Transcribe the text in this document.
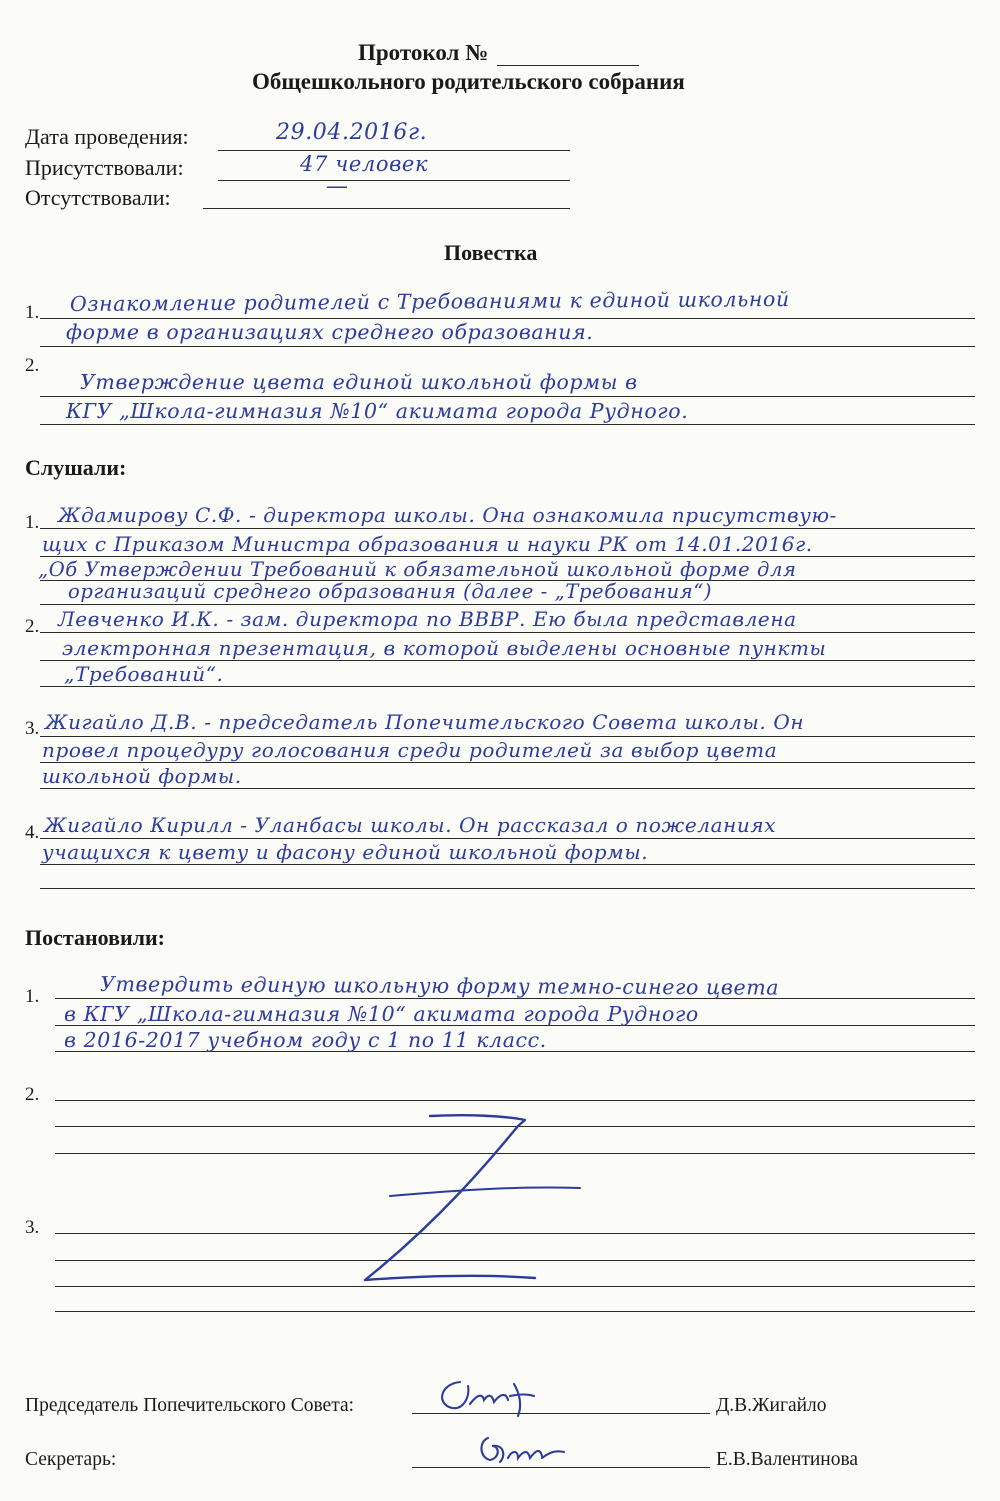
Протокол №
Общешкольного родительского собрания
Дата проведения:	29.04.2016г.
Присутствовали:	47 человек
Отсутствовали:	—
Повестка
1. Ознакомление родителей с Требованиями к единой школьной
форме в организациях среднего образования.
2.
Утверждение цвета единой школьной формы в
КГУ „Школа-гимназия №10“ акимата города Рудного.
Слушали:
1. Ждамирову С.Ф. - директора школы. Она ознакомила присутствую-
щих с Приказом Министра образования и науки РК от 14.01.2016г.
„Об Утверждении Требований к обязательной школьной форме для
организаций среднего образования (далее - „Требования“)
2. Левченко И.К. - зам. директора по ВВВР. Ею была представлена
электронная презентация, в которой выделены основные пункты
„Требований“.
3. Жигайло Д.В. - председатель Попечительского Совета школы. Он
провел процедуру голосования среди родителей за выбор цвета
школьной формы.
4. Жигайло Кирилл - Уланбасы школы. Он рассказал о пожеланиях
учащихся к цвету и фасону единой школьной формы.
Постановили:
1.	Утвердить единую школьную форму темно-синего цвета
в КГУ „Школа-гимназия №10“ акимата города Рудного
в 2016-2017 учебном году с 1 по 11 класс.
2.
3.
Председатель Попечительского Совета:	Д.В.Жигайло
Секретарь:	Е.В.Валентинова
